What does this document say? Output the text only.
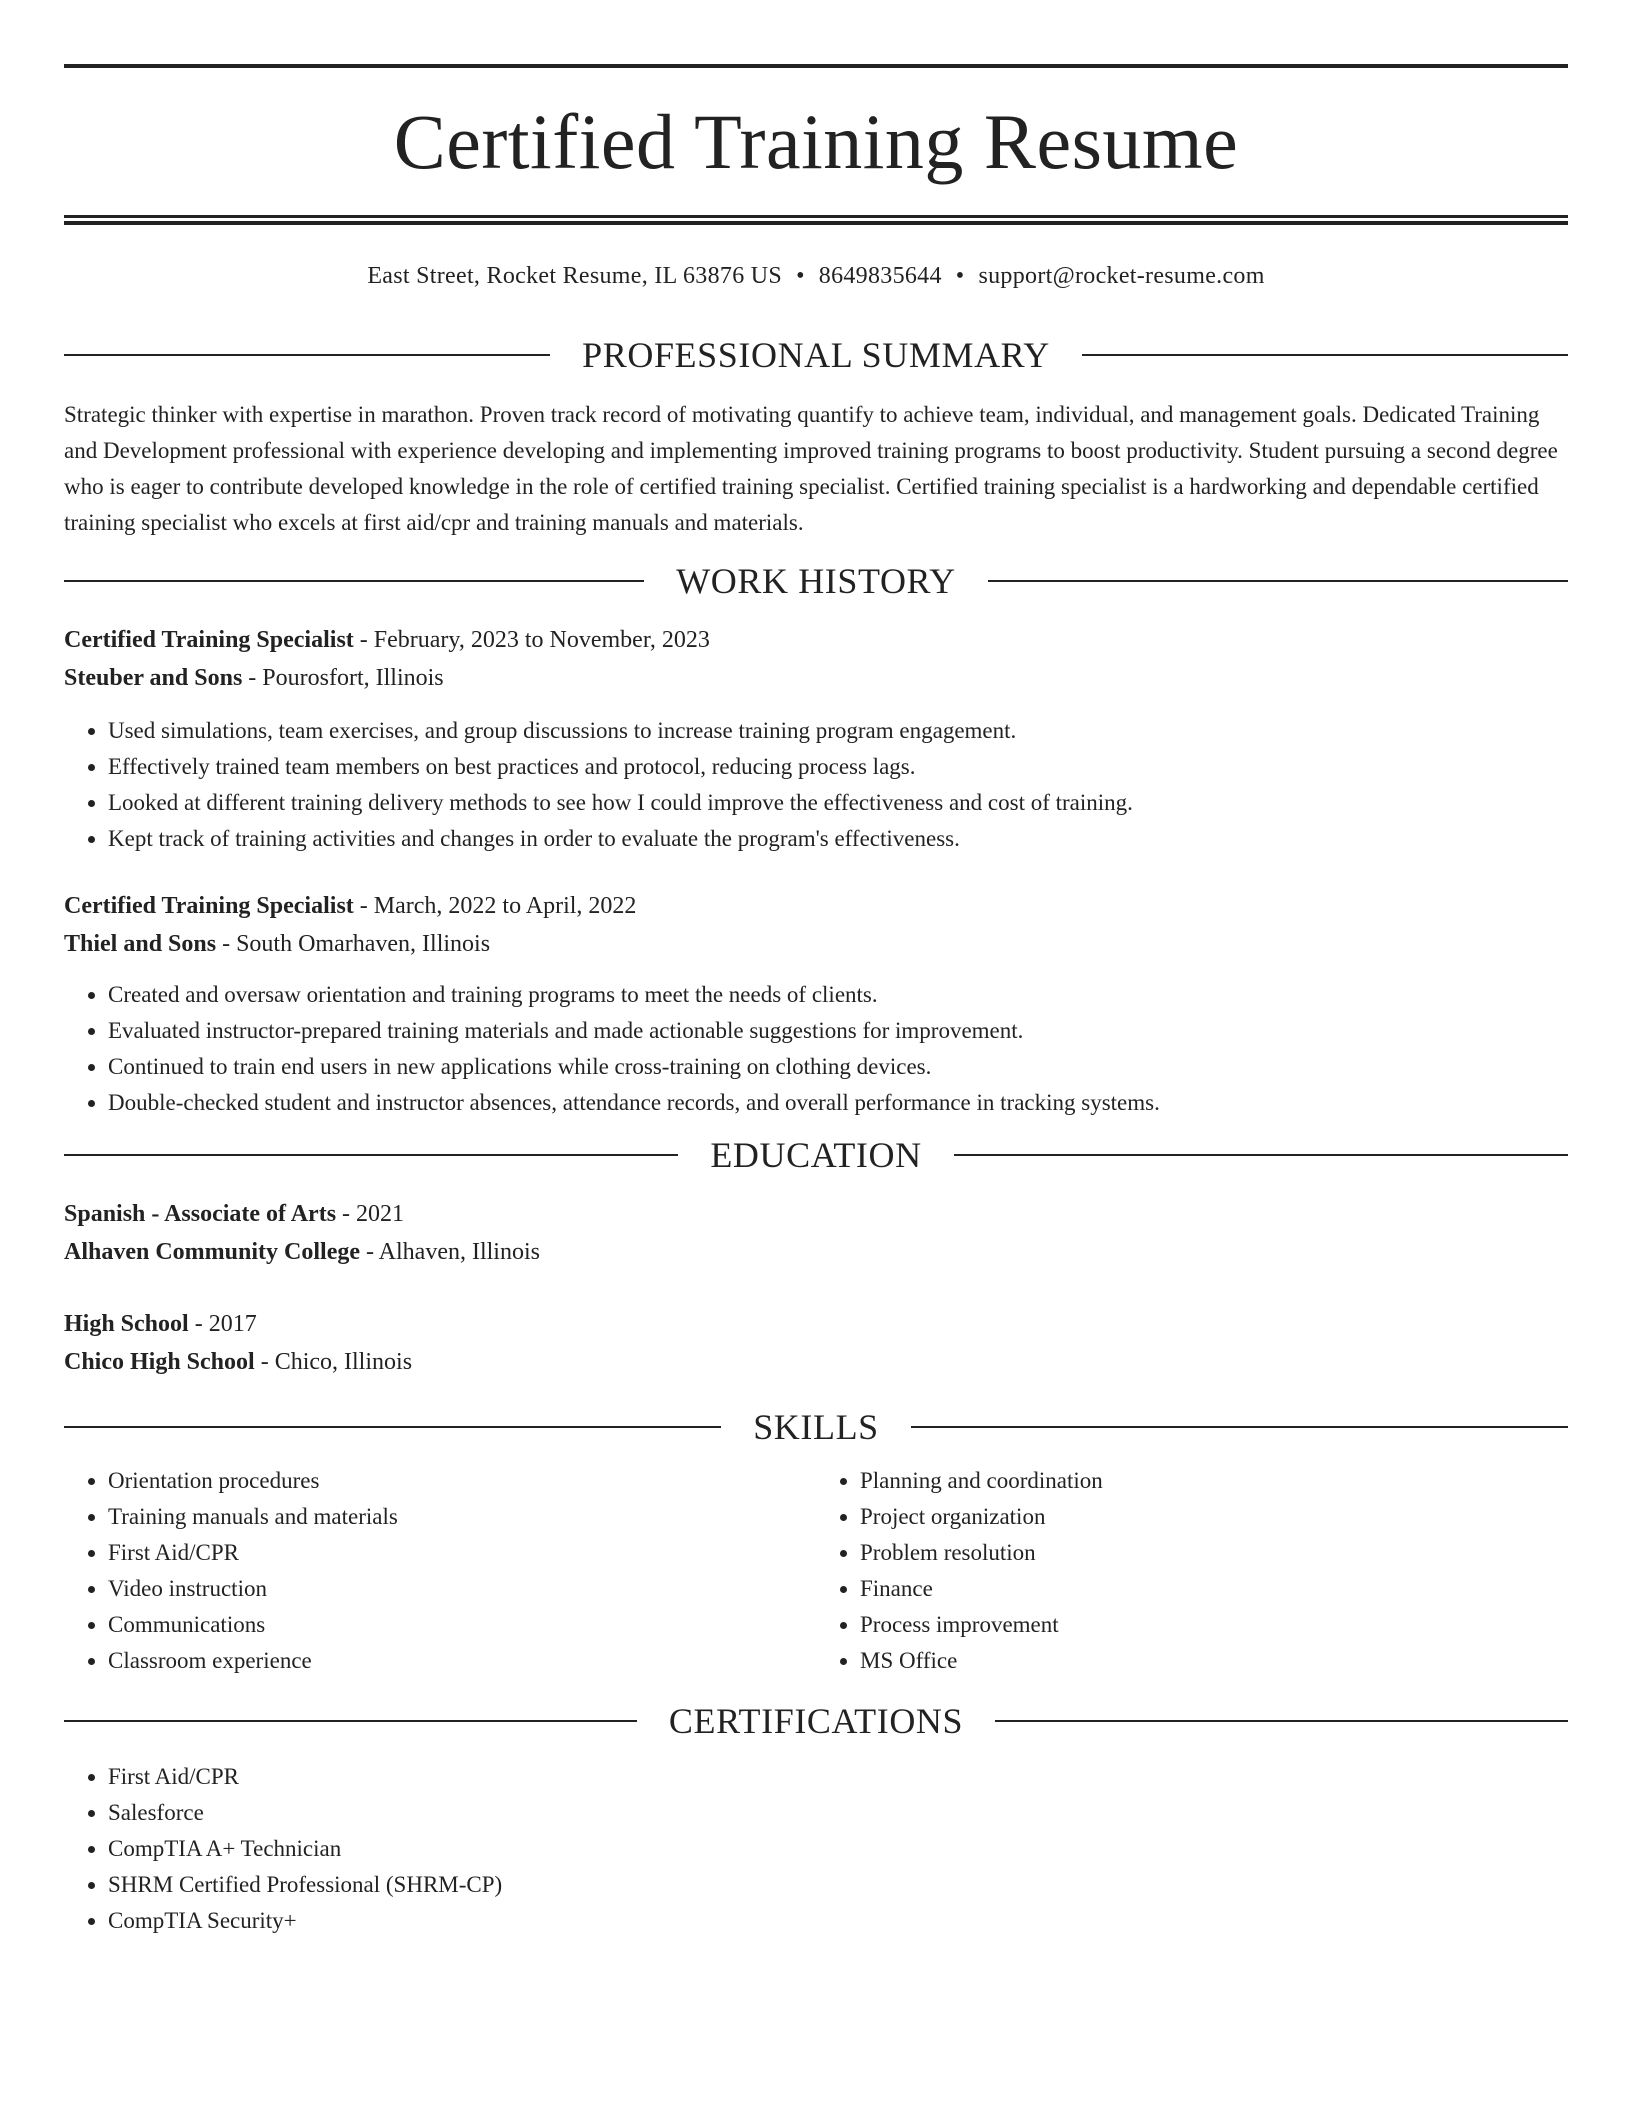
Certified Training Resume
East Street, Rocket Resume, IL 63876 US • 8649835644 • support@rocket-resume.com
PROFESSIONAL SUMMARY

Strategic thinker with expertise in marathon. Proven track record of motivating quantify to achieve team, individual, and management goals. Dedicated Training and Development professional with experience developing and implementing improved training programs to boost productivity. Student pursuing a second degree who is eager to contribute developed knowledge in the role of certified training specialist. Certified training specialist is a hardworking and dependable certified training specialist who excels at first aid/cpr and training manuals and materials.

WORK HISTORY
Certified Training Specialist - February, 2023 to November, 2023
Steuber and Sons - Pourosfort, Illinois
• Used simulations, team exercises, and group discussions to increase training program engagement.
• Effectively trained team members on best practices and protocol, reducing process lags.
• Looked at different training delivery methods to see how I could improve the effectiveness and cost of training.
• Kept track of training activities and changes in order to evaluate the program's effectiveness.
Certified Training Specialist - March, 2022 to April, 2022
Thiel and Sons - South Omarhaven, Illinois
• Created and oversaw orientation and training programs to meet the needs of clients.
• Evaluated instructor-prepared training materials and made actionable suggestions for improvement.
• Continued to train end users in new applications while cross-training on clothing devices.
• Double-checked student and instructor absences, attendance records, and overall performance in tracking systems.
EDUCATION
Spanish - Associate of Arts - 2021
Alhaven Community College - Alhaven, Illinois
High School - 2017
Chico High School - Chico, Illinois
SKILLS
• Orientation procedures
• Training manuals and materials
• First Aid/CPR
• Video instruction
• Communications
• Classroom experience
• Planning and coordination
• Project organization
• Problem resolution
• Finance
• Process improvement
• MS Office
CERTIFICATIONS
• First Aid/CPR
• Salesforce
• CompTIA A+ Technician
• SHRM Certified Professional (SHRM-CP)
• CompTIA Security+
